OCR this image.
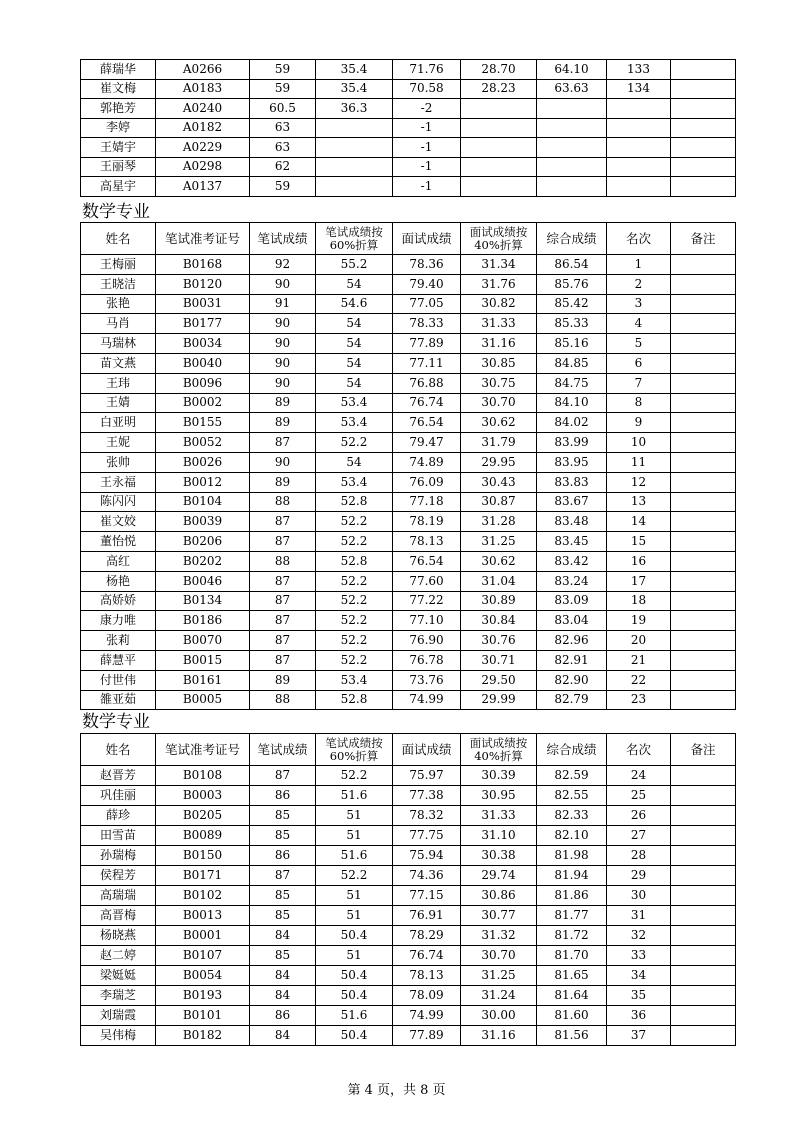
薛瑞华	A0266	59	35.4	71.76	28.70	64.10	133	
崔文梅	A0183	59	35.4	70.58	28.23	63.63	134	
郭艳芳	A0240	60.5	36.3	-2				
李婷	A0182	63		-1				
王婧宇	A0229	63		-1				
王丽琴	A0298	62		-1				
高星宇	A0137	59		-1				
数学专业
姓名	笔试准考证号	笔试成绩	笔试成绩按60%折算	面试成绩	面试成绩按40%折算	综合成绩	名次	备注
王梅丽	B0168	92	55.2	78.36	31.34	86.54	1	
王晓洁	B0120	90	54	79.40	31.76	85.76	2	
张艳	B0031	91	54.6	77.05	30.82	85.42	3	
马肖	B0177	90	54	78.33	31.33	85.33	4	
马瑞林	B0034	90	54	77.89	31.16	85.16	5	
苗文燕	B0040	90	54	77.11	30.85	84.85	6	
王玮	B0096	90	54	76.88	30.75	84.75	7	
王婧	B0002	89	53.4	76.74	30.70	84.10	8	
白亚明	B0155	89	53.4	76.54	30.62	84.02	9	
王妮	B0052	87	52.2	79.47	31.79	83.99	10	
张帅	B0026	90	54	74.89	29.95	83.95	11	
王永福	B0012	89	53.4	76.09	30.43	83.83	12	
陈闪闪	B0104	88	52.8	77.18	30.87	83.67	13	
崔文姣	B0039	87	52.2	78.19	31.28	83.48	14	
董怡悦	B0206	87	52.2	78.13	31.25	83.45	15	
高红	B0202	88	52.8	76.54	30.62	83.42	16	
杨艳	B0046	87	52.2	77.60	31.04	83.24	17	
高娇娇	B0134	87	52.2	77.22	30.89	83.09	18	
康力唯	B0186	87	52.2	77.10	30.84	83.04	19	
张莉	B0070	87	52.2	76.90	30.76	82.96	20	
薛慧平	B0015	87	52.2	76.78	30.71	82.91	21	
付世伟	B0161	89	53.4	73.76	29.50	82.90	22	
雒亚茹	B0005	88	52.8	74.99	29.99	82.79	23	
数学专业
姓名	笔试准考证号	笔试成绩	笔试成绩按60%折算	面试成绩	面试成绩按40%折算	综合成绩	名次	备注
赵晋芳	B0108	87	52.2	75.97	30.39	82.59	24	
巩佳丽	B0003	86	51.6	77.38	30.95	82.55	25	
薛珍	B0205	85	51	78.32	31.33	82.33	26	
田雪苗	B0089	85	51	77.75	31.10	82.10	27	
孙瑞梅	B0150	86	51.6	75.94	30.38	81.98	28	
侯程芳	B0171	87	52.2	74.36	29.74	81.94	29	
高瑞瑞	B0102	85	51	77.15	30.86	81.86	30	
高晋梅	B0013	85	51	76.91	30.77	81.77	31	
杨晓燕	B0001	84	50.4	78.29	31.32	81.72	32	
赵二婷	B0107	85	51	76.74	30.70	81.70	33	
梁娗娗	B0054	84	50.4	78.13	31.25	81.65	34	
李瑞芝	B0193	84	50.4	78.09	31.24	81.64	35	
刘瑞霞	B0101	86	51.6	74.99	30.00	81.60	36	
吴伟梅	B0182	84	50.4	77.89	31.16	81.56	37	
第 4 页，共 8 页
